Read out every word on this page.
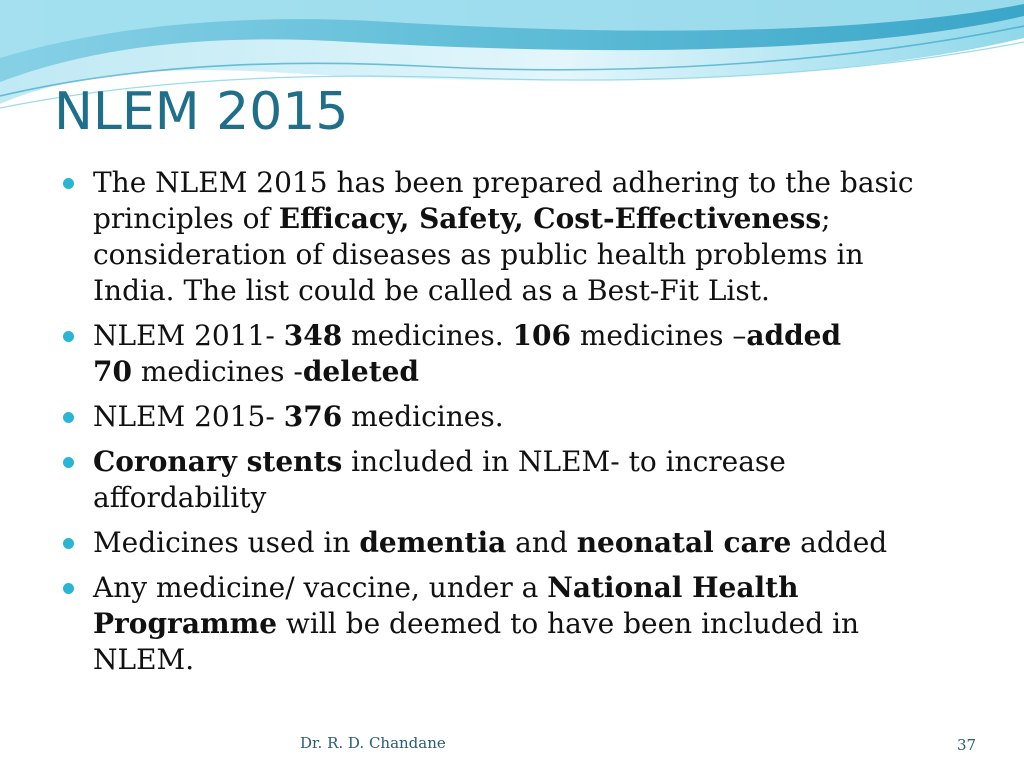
NLEM 2015
The NLEM 2015 has been prepared adhering to the basic principles of Efficacy, Safety, Cost-Effectiveness; consideration of diseases as public health problems in India. The list could be called as a Best-Fit List.
NLEM 2011- 348 medicines. 106 medicines –added
70 medicines -deleted
NLEM 2015- 376 medicines.
Coronary stents included in NLEM- to increase affordability
Medicines used in dementia and neonatal care added
Any medicine/ vaccine, under a National Health Programme will be deemed to have been included in NLEM.
Dr. R. D. Chandane	37
